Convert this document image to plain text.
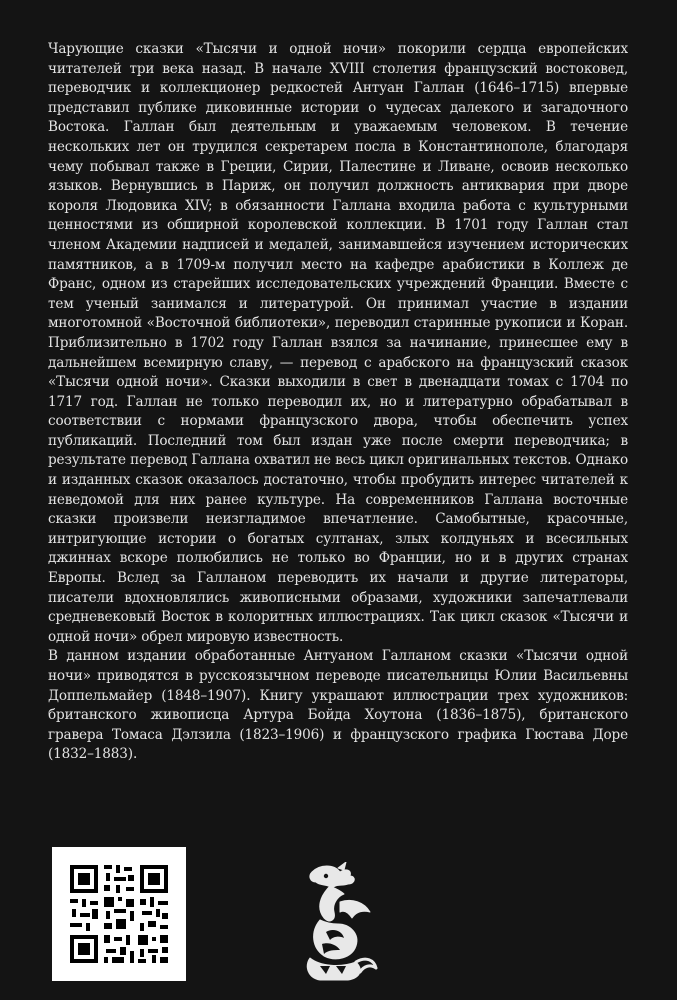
Чарующие сказки «Тысячи и одной ночи» покорили сердца европейских читателей три века назад. В начале XVIII столетия французский востоковед, переводчик и коллекционер редкостей Антуан Галлан (1646–1715) впервые представил публике диковинные истории о чудесах далекого и загадочного Востока. Галлан был деятельным и уважаемым человеком. В течение нескольких лет он трудился секретарем посла в Константинополе, благодаря чему побывал также в Греции, Сирии, Палестине и Ливане, освоив несколько языков. Вернувшись в Париж, он получил должность антиквария при дворе короля Людовика XIV; в обязанности Галлана входила работа с культурными ценностями из обширной королевской коллекции. В 1701 году Галлан стал членом Академии надписей и медалей, занимавшейся изучением исторических памятников, а в 1709-м получил место на кафедре арабистики в Коллеж де Франс, одном из старейших исследовательских учреждений Франции. Вместе с тем ученый занимался и литературой. Он принимал участие в издании многотомной «Восточной библиотеки», переводил старинные рукописи и Коран. Приблизительно в 1702 году Галлан взялся за начинание, принесшее ему в дальнейшем всемирную славу, — перевод с арабского на французский сказок «Тысячи одной ночи». Сказки выходили в свет в двенадцати томах с 1704 по 1717 год. Галлан не только переводил их, но и литературно обрабатывал в соответствии с нормами французского двора, чтобы обеспечить успех публикаций. Последний том был издан уже после смерти переводчика; в результате перевод Галлана охватил не весь цикл оригинальных текстов. Однако и изданных сказок оказалось достаточно, чтобы пробудить интерес читателей к неведомой для них ранее культуре. На современников Галлана восточные сказки произвели неизгладимое впечатление. Самобытные, красочные, интригующие истории о богатых султанах, злых колдуньях и всесильных джиннах вскоре полюбились не только во Франции, но и в других странах Европы. Вслед за Галланом переводить их начали и другие литераторы, писатели вдохновлялись живописными образами, художники запечатлевали средневековый Восток в колоритных иллюстрациях. Так цикл сказок «Тысячи и одной ночи» обрел мировую известность.

В данном издании обработанные Антуаном Галланом сказки «Тысячи одной ночи» приводятся в русскоязычном переводе писательницы Юлии Васильевны Доппельмайер (1848–1907). Книгу украшают иллюстрации трех художников: британского живописца Артура Бойда Хоутона (1836–1875), британского гравера Томаса Дэлзила (1823–1906) и французского графика Гюстава Доре (1832–1883).
